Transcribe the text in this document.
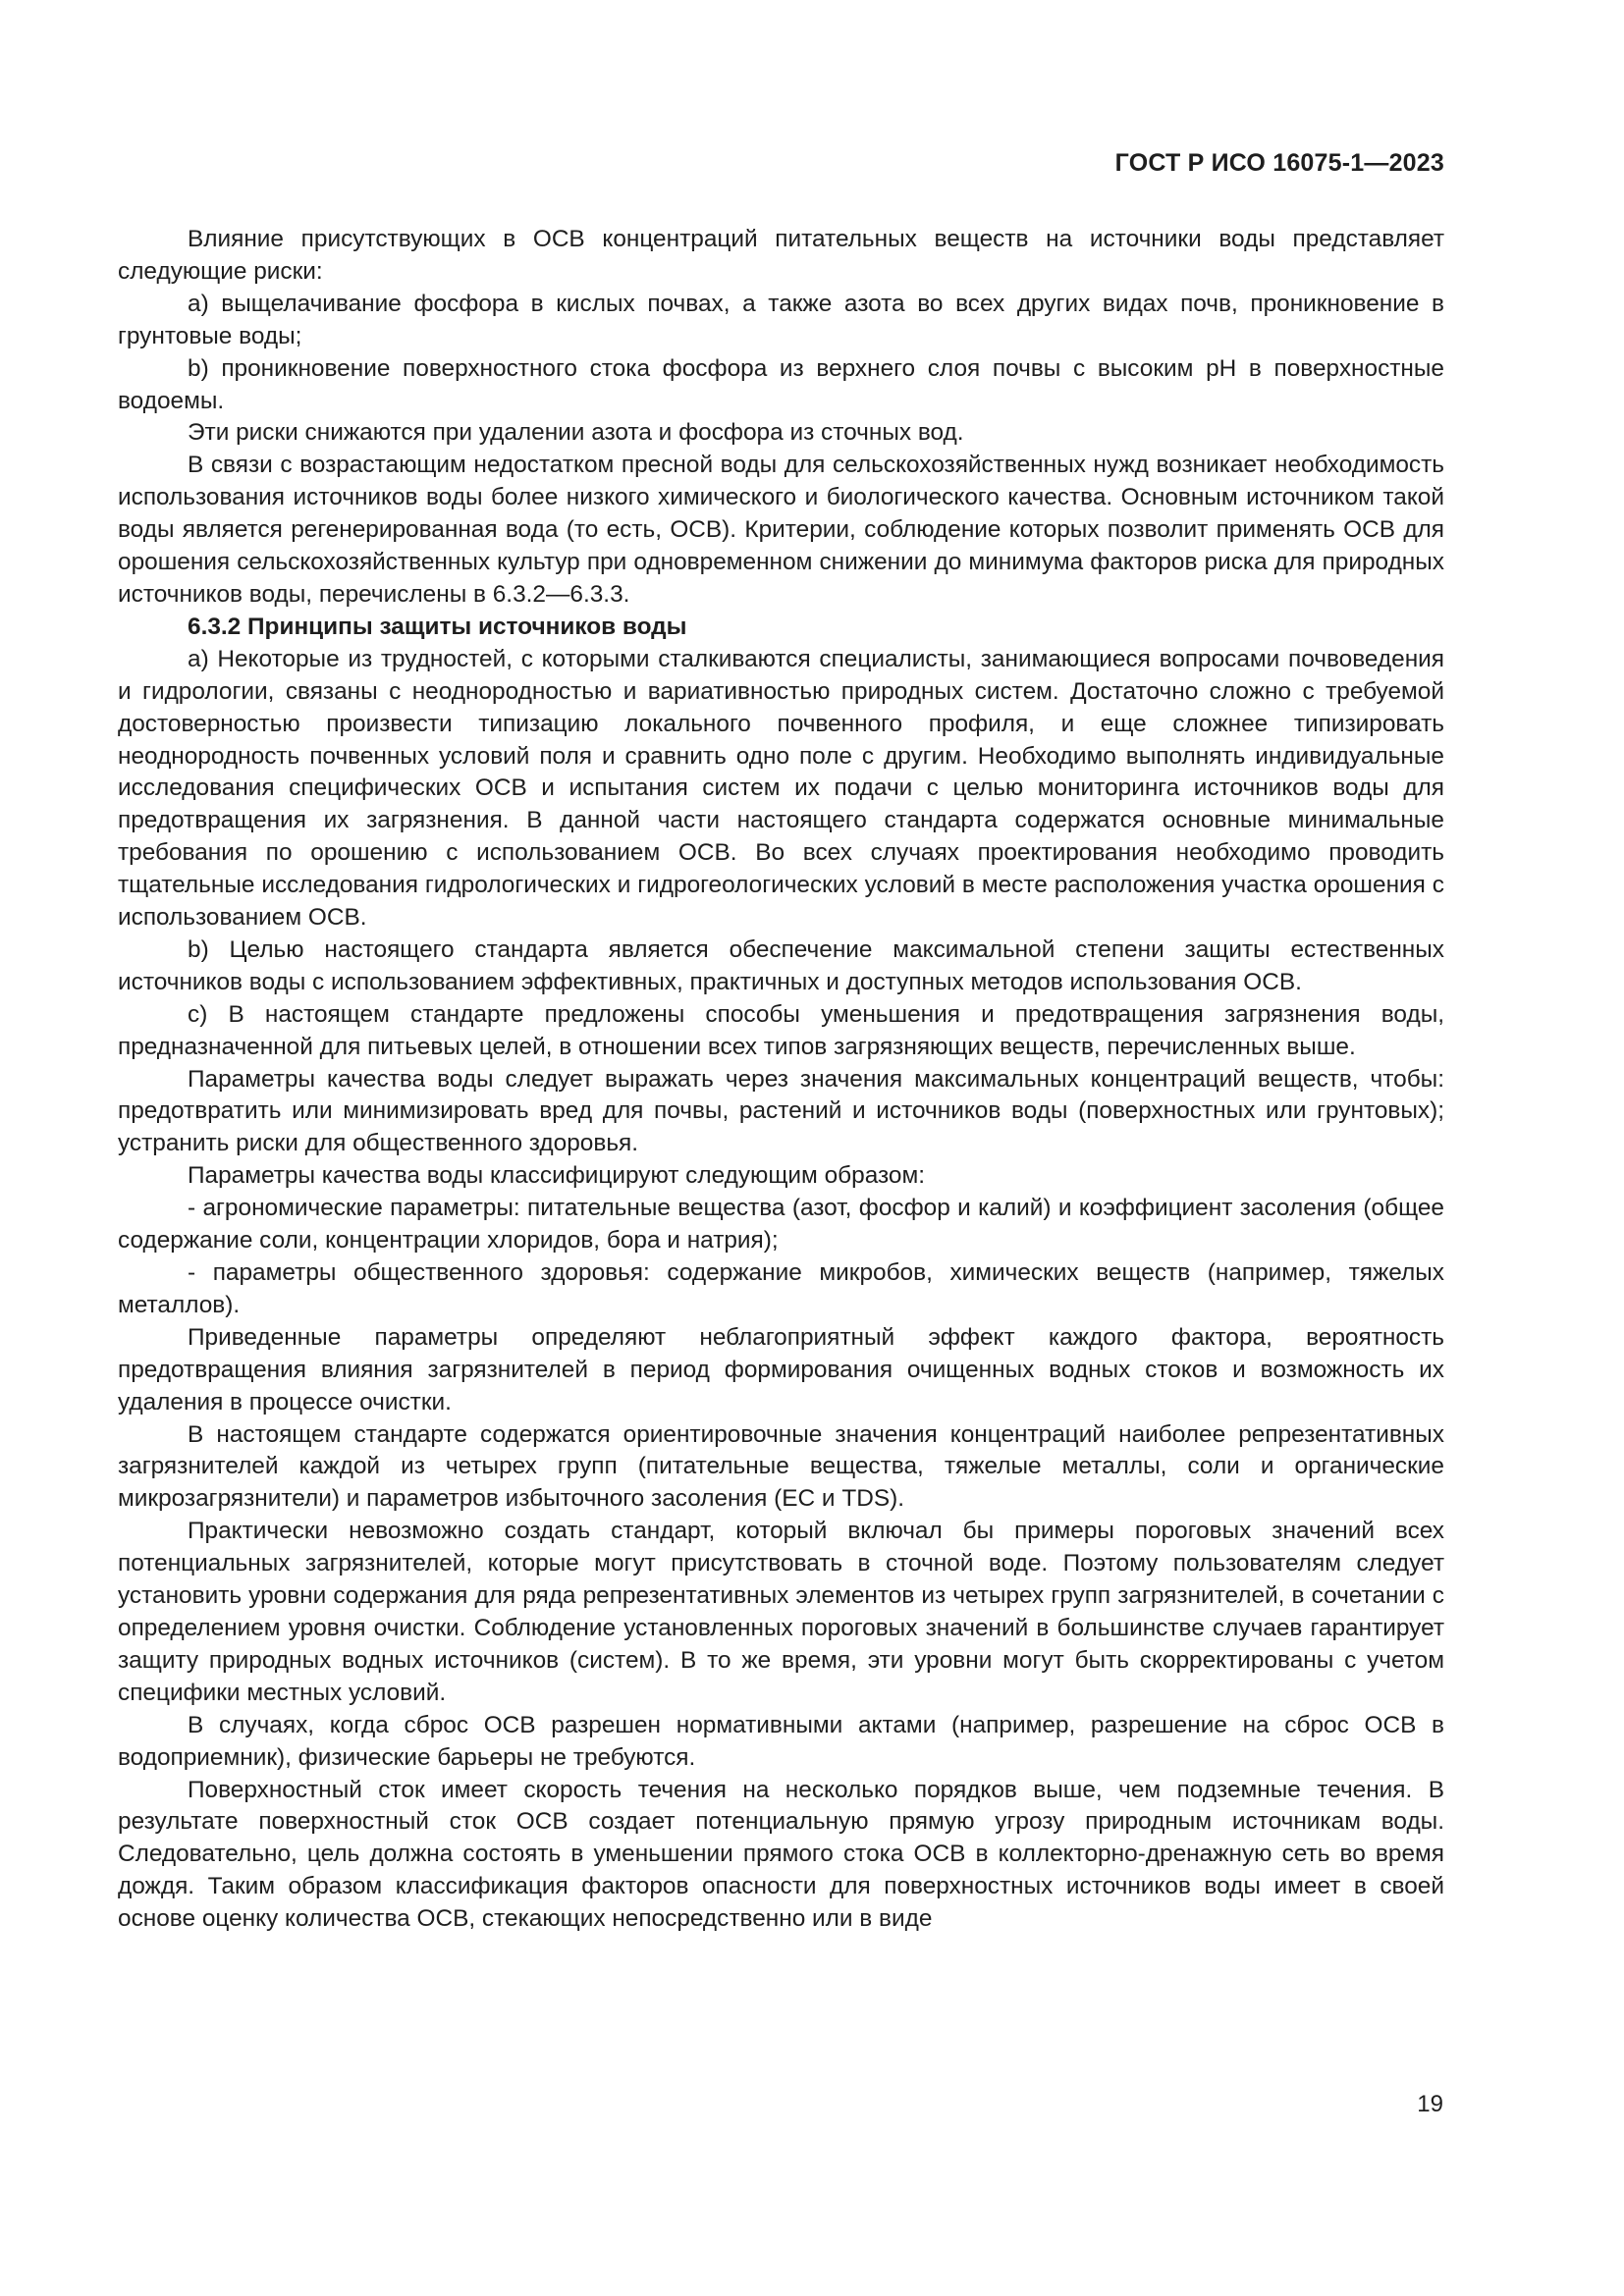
ГОСТ Р ИСО 16075-1—2023

Влияние присутствующих в ОСВ концентраций питательных веществ на источники воды представляет следующие риски:

a) выщелачивание фосфора в кислых почвах, а также азота во всех других видах почв, проникновение в грунтовые воды;

b) проникновение поверхностного стока фосфора из верхнего слоя почвы с высоким pH в поверхностные водоемы.

Эти риски снижаются при удалении азота и фосфора из сточных вод.

В связи с возрастающим недостатком пресной воды для сельскохозяйственных нужд возникает необходимость использования источников воды более низкого химического и биологического качества. Основным источником такой воды является регенерированная вода (то есть, ОСВ). Критерии, соблюдение которых позволит применять ОСВ для орошения сельскохозяйственных культур при одновременном снижении до минимума факторов риска для природных источников воды, перечислены в 6.3.2—6.3.3.

6.3.2 Принципы защиты источников воды

a) Некоторые из трудностей, с которыми сталкиваются специалисты, занимающиеся вопросами почвоведения и гидрологии, связаны с неоднородностью и вариативностью природных систем. Достаточно сложно с требуемой достоверностью произвести типизацию локального почвенного профиля, и еще сложнее типизировать неоднородность почвенных условий поля и сравнить одно поле с другим. Необходимо выполнять индивидуальные исследования специфических ОСВ и испытания систем их подачи с целью мониторинга источников воды для предотвращения их загрязнения. В данной части настоящего стандарта содержатся основные минимальные требования по орошению с использованием ОСВ. Во всех случаях проектирования необходимо проводить тщательные исследования гидрологических и гидрогеологических условий в месте расположения участка орошения с использованием ОСВ.

b) Целью настоящего стандарта является обеспечение максимальной степени защиты естественных источников воды с использованием эффективных, практичных и доступных методов использования ОСВ.

c) В настоящем стандарте предложены способы уменьшения и предотвращения загрязнения воды, предназначенной для питьевых целей, в отношении всех типов загрязняющих веществ, перечисленных выше.

Параметры качества воды следует выражать через значения максимальных концентраций веществ, чтобы: предотвратить или минимизировать вред для почвы, растений и источников воды (поверхностных или грунтовых); устранить риски для общественного здоровья.

Параметры качества воды классифицируют следующим образом:

- агрономические параметры: питательные вещества (азот, фосфор и калий) и коэффициент засоления (общее содержание соли, концентрации хлоридов, бора и натрия);

- параметры общественного здоровья: содержание микробов, химических веществ (например, тяжелых металлов).

Приведенные параметры определяют неблагоприятный эффект каждого фактора, вероятность предотвращения влияния загрязнителей в период формирования очищенных водных стоков и возможность их удаления в процессе очистки.

В настоящем стандарте содержатся ориентировочные значения концентраций наиболее репрезентативных загрязнителей каждой из четырех групп (питательные вещества, тяжелые металлы, соли и органические микрозагрязнители) и параметров избыточного засоления (EC и TDS).

Практически невозможно создать стандарт, который включал бы примеры пороговых значений всех потенциальных загрязнителей, которые могут присутствовать в сточной воде. Поэтому пользователям следует установить уровни содержания для ряда репрезентативных элементов из четырех групп загрязнителей, в сочетании с определением уровня очистки. Соблюдение установленных пороговых значений в большинстве случаев гарантирует защиту природных водных источников (систем). В то же время, эти уровни могут быть скорректированы с учетом специфики местных условий.

В случаях, когда сброс ОСВ разрешен нормативными актами (например, разрешение на сброс ОСВ в водоприемник), физические барьеры не требуются.

Поверхностный сток имеет скорость течения на несколько порядков выше, чем подземные течения. В результате поверхностный сток ОСВ создает потенциальную прямую угрозу природным источникам воды. Следовательно, цель должна состоять в уменьшении прямого стока ОСВ в коллекторно-дренажную сеть во время дождя. Таким образом классификация факторов опасности для поверхностных источников воды имеет в своей основе оценку количества ОСВ, стекающих непосредственно или в виде

19
